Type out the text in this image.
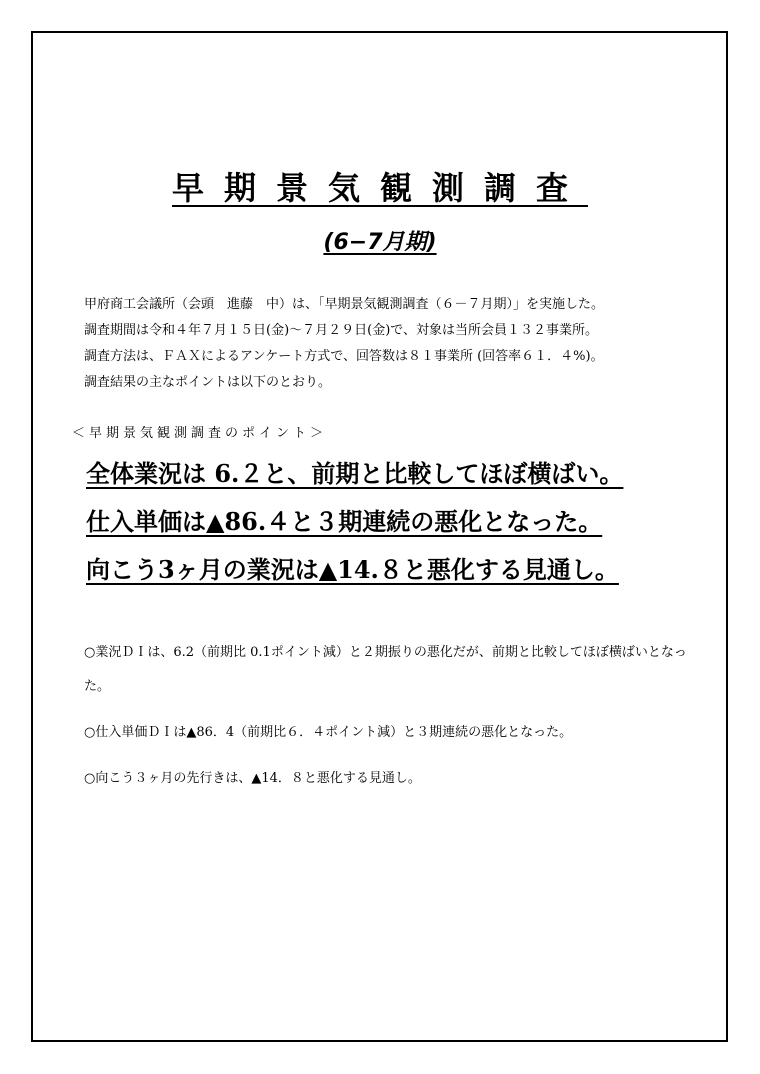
早期景気観測調査
(6−7月期)

甲府商工会議所（会頭　進藤　中）は、「早期景気観測調査（６－７月期）」を実施した。

調査期間は令和４年７月１５日(金)～７月２９日(金)で、対象は当所会員１３２事業所。

調査方法は、ＦＡＸによるアンケート方式で、回答数は８１事業所 (回答率６１．４%)。

調査結果の主なポイントは以下のとおり。

＜早期景気観測調査のポイント＞

全体業況は 6.２と、前期と比較してほぼ横ばい。

仕入単価は▲86.４と３期連続の悪化となった。

向こう3ヶ月の業況は▲14.８と悪化する見通し。

○業況ＤＩは、6.2（前期比 0.1ポイント減）と２期振りの悪化だが、前期と比較してほぼ横ばいとなった。

○仕入単価ＤＩは▲86．4（前期比６．４ポイント減）と３期連続の悪化となった。

○向こう３ヶ月の先行きは、▲14．８と悪化する見通し。
